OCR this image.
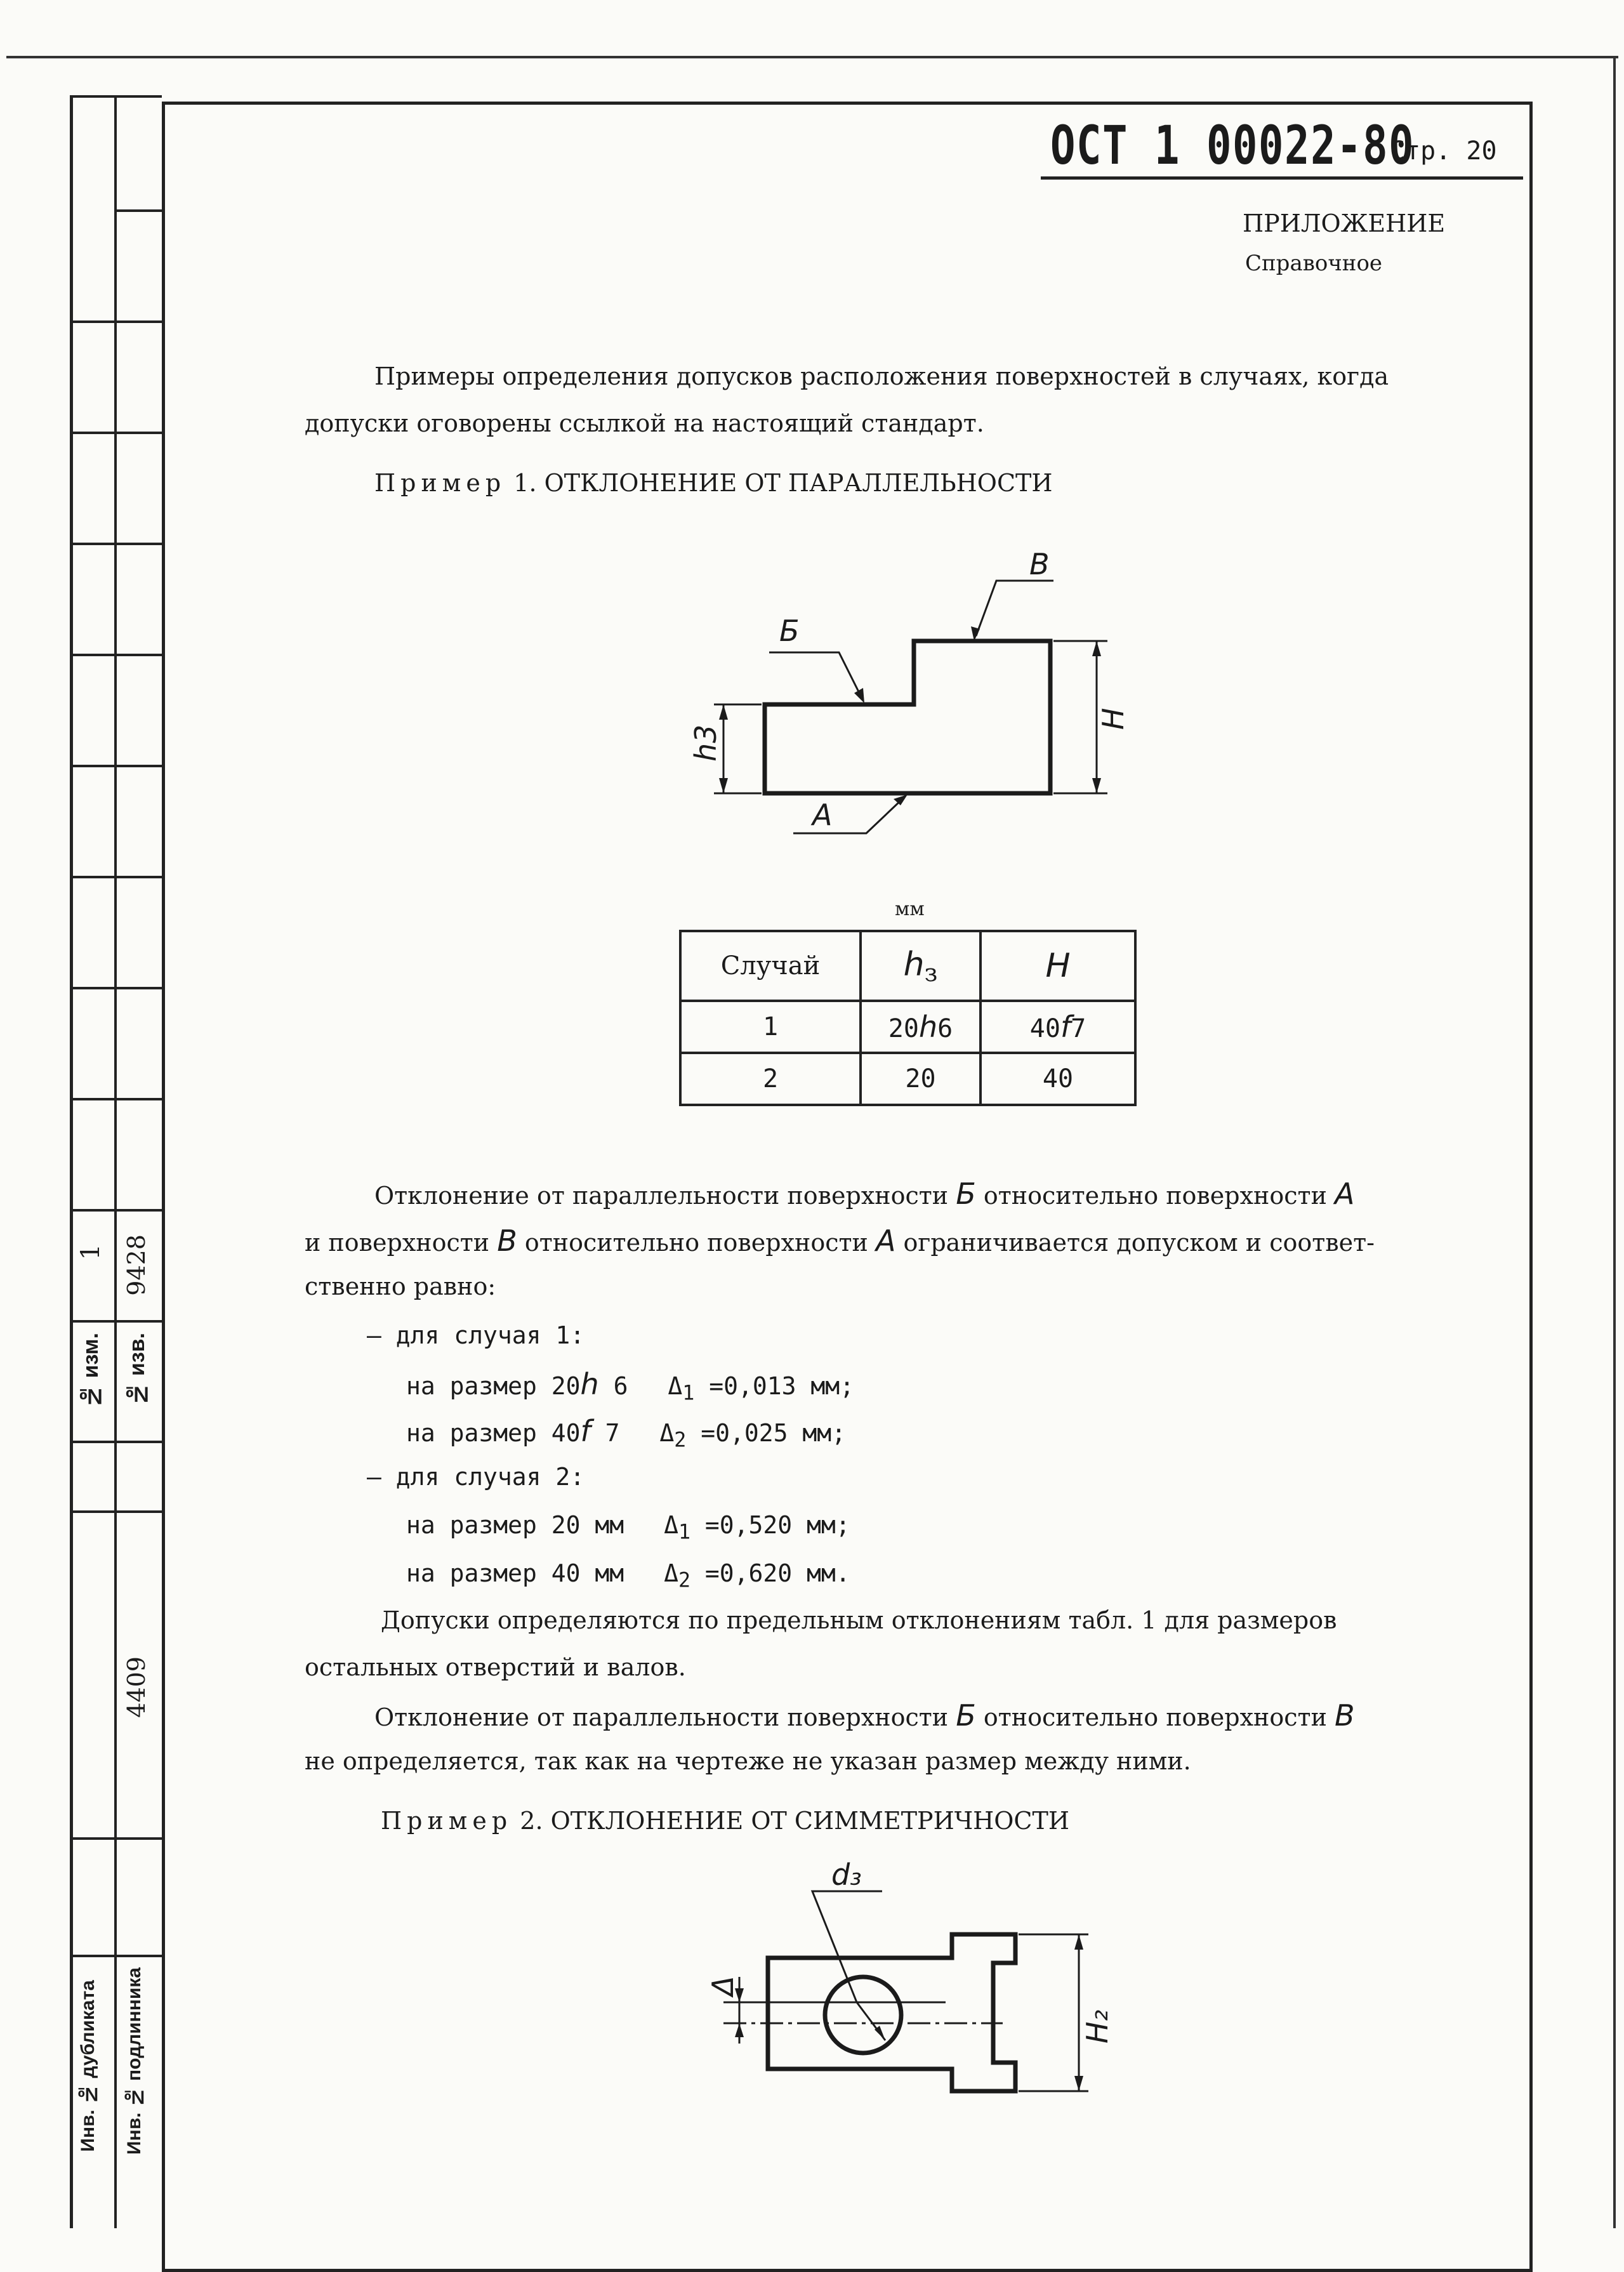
№ изм.
1
№ изв.
9428
4409
Инв. № дубликата Инв. № подлинника
ОСТ 1 00022-80
Стр. 20
ПРИЛОЖЕНИЕ
Справочное
Примеры определения допусков расположения поверхностей в случаях, когда
допуски оговорены ссылкой на настоящий стандарт.
Пример 1. ОТКЛОНЕНИЕ ОТ ПАРАЛЛЕЛЬНОСТИ
Б
В
А
h3
H
мм
Случай	$h_з$	H
1	20h6	40f7
2	20	40
Отклонение от параллельности поверхности Б относительно поверхности А
и поверхности В относительно поверхности А ограничивается допуском и соответ-
ственно равно:
– для случая 1:
на размер 20h 6 $\Delta_1 =0,013$ мм;
на размер 40f 7 $\Delta_2 =0,025$ мм;
– для случая 2:
на размер 20 мм $\Delta_1 =0,520$ мм;
на размер 40 мм $\Delta_2 =0,620$ мм.
Допуски определяются по предельным отклонениям табл. 1 для размеров
остальных отверстий и валов.
Отклонение от параллельности поверхности Б относительно поверхности В
не определяется, так как на чертеже не указан размер между ними.
Пример 2. ОТКЛОНЕНИЕ ОТ СИММЕТРИЧНОСТИ
d₃
Δ
H₂
